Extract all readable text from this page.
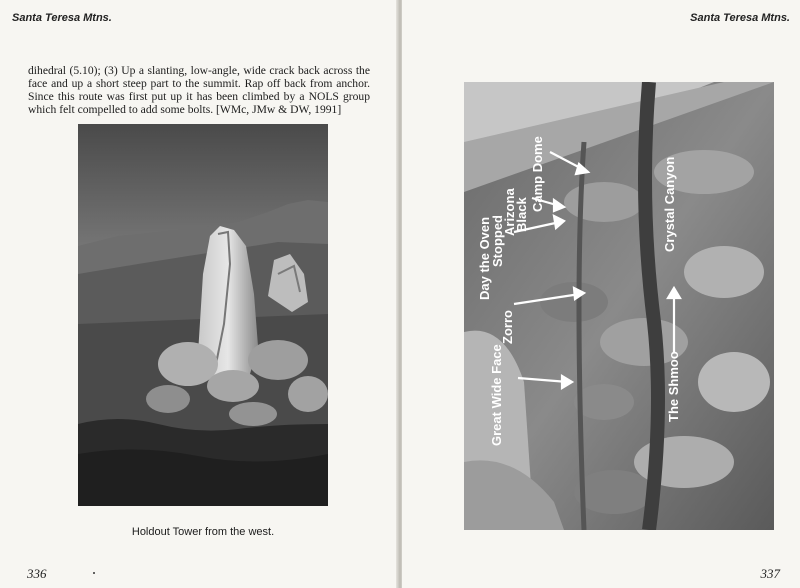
Santa Teresa Mtns.

dihedral (5.10); (3) Up a slanting, low-angle, wide crack back across the face and up a short steep part to the summit. Rap off back from anchor. Since this route was first put up it has been climbed by a NOLS group which felt compelled to add some bolts. [WMc, JMw & DW, 1991]

Holdout Tower from the west.
336
Santa Teresa Mtns.
Camp Dome
Black
Arizona
Stopped
Day the Oven
Crystal Canyon
Zorro
Great Wide Face	The Shmoo
337
